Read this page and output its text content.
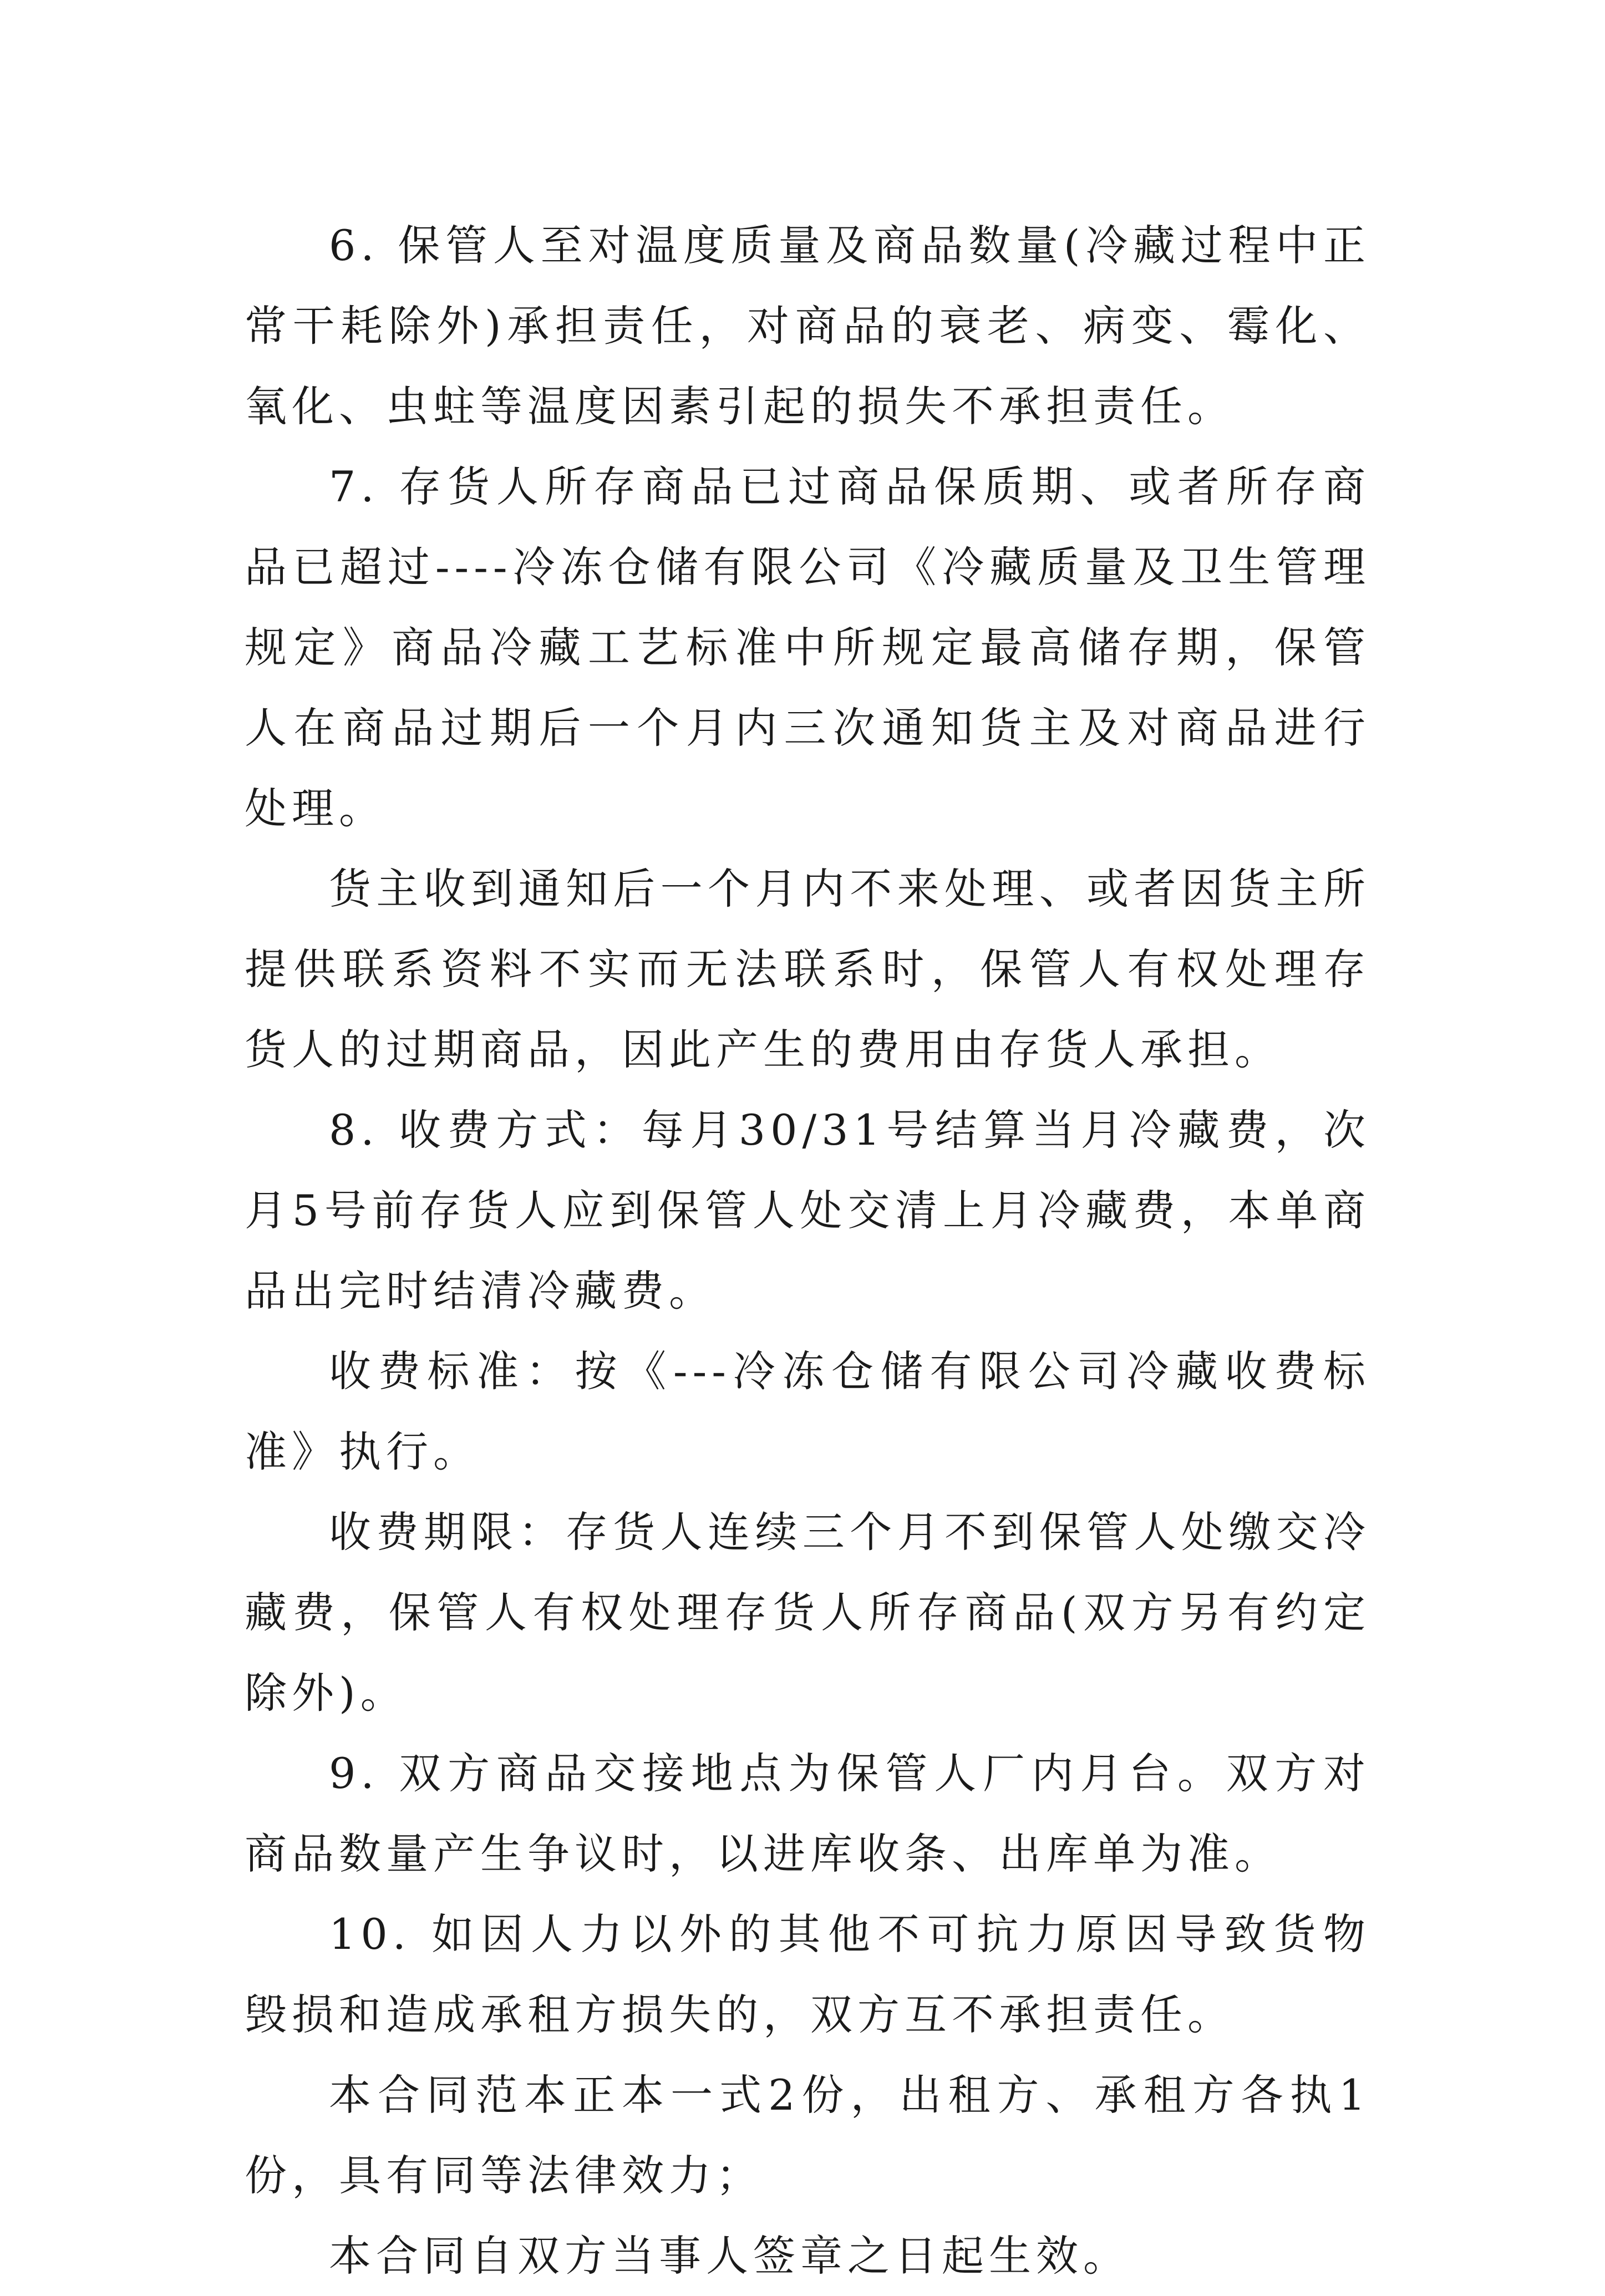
6. 保管人至对温度质量及商品数量(冷藏过程中正常干耗除外)承担责任，对商品的衰老、病变、霉化、氧化、虫蛀等温度因素引起的损失不承担责任。

7. 存货人所存商品已过商品保质期、或者所存商品已超过----冷冻仓储有限公司《冷藏质量及卫生管理规定》商品冷藏工艺标准中所规定最高储存期，保管人在商品过期后一个月内三次通知货主及对商品进行处理。

货主收到通知后一个月内不来处理、或者因货主所提供联系资料不实而无法联系时，保管人有权处理存货人的过期商品，因此产生的费用由存货人承担。

8. 收费方式：每月30/31号结算当月冷藏费，次月5号前存货人应到保管人处交清上月冷藏费，本单商品出完时结清冷藏费。

收费标准：按《---冷冻仓储有限公司冷藏收费标准》执行。

收费期限：存货人连续三个月不到保管人处缴交冷藏费，保管人有权处理存货人所存商品(双方另有约定除外)。

9. 双方商品交接地点为保管人厂内月台。双方对商品数量产生争议时，以进库收条、出库单为准。

10. 如因人力以外的其他不可抗力原因导致货物毁损和造成承租方损失的，双方互不承担责任。

本合同范本正本一式2份，出租方、承租方各执1份，具有同等法律效力；

本合同自双方当事人签章之日起生效。
